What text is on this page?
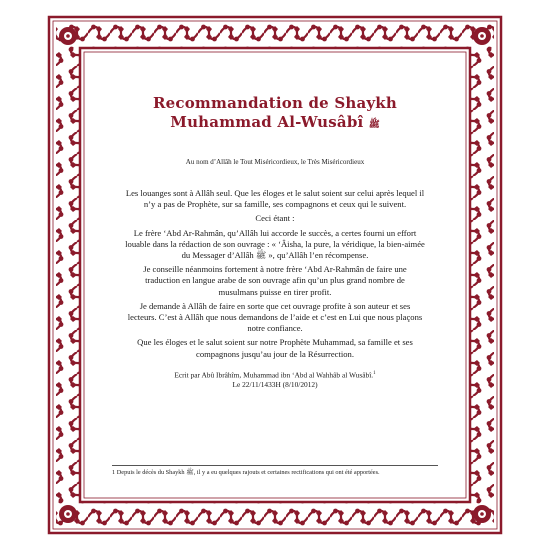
Recommandation de Shaykh
Muhammad Al-Wusâbî ﷺ
Au nom d’Allâh le Tout Miséricordieux, le Très Miséricordieux

Les louanges sont à Allâh seul. Que les éloges et le salut soient sur celui après lequel il n’y a pas de Prophète, sur sa famille, ses compagnons et ceux qui le suivent.

Ceci étant :

Le frère ‘Abd Ar-Rahmân, qu’Allâh lui accorde le succès, a certes fourni un effort louable dans la rédaction de son ouvrage : « ‘Âisha, la pure, la véridique, la bien-aimée du Messager d’Allâh ﷺ », qu’Allâh l’en récompense.

Je conseille néanmoins fortement à notre frère ‘Abd Ar-Rahmân de faire une traduction en langue arabe de son ouvrage afin qu’un plus grand nombre de musulmans puisse en tirer profit.

Je demande à Allâh de faire en sorte que cet ouvrage profite à son auteur et ses lecteurs. C’est à Allâh que nous demandons de l’aide et c’est en Lui que nous plaçons notre confiance.

Que les éloges et le salut soient sur notre Prophète Muhammad, sa famille et ses compagnons jusqu’au jour de la Résurrection.

Ecrit par Abû Ibrâhîm, Muhammad ibn ‘Abd al Wahhâb al Wusâbî.$^1$
Le 22/11/1433H (8/10/2012)
1 Depuis le décès du Shaykh ﷺ, il y a eu quelques rajouts et certaines rectifications qui ont été apportées.
